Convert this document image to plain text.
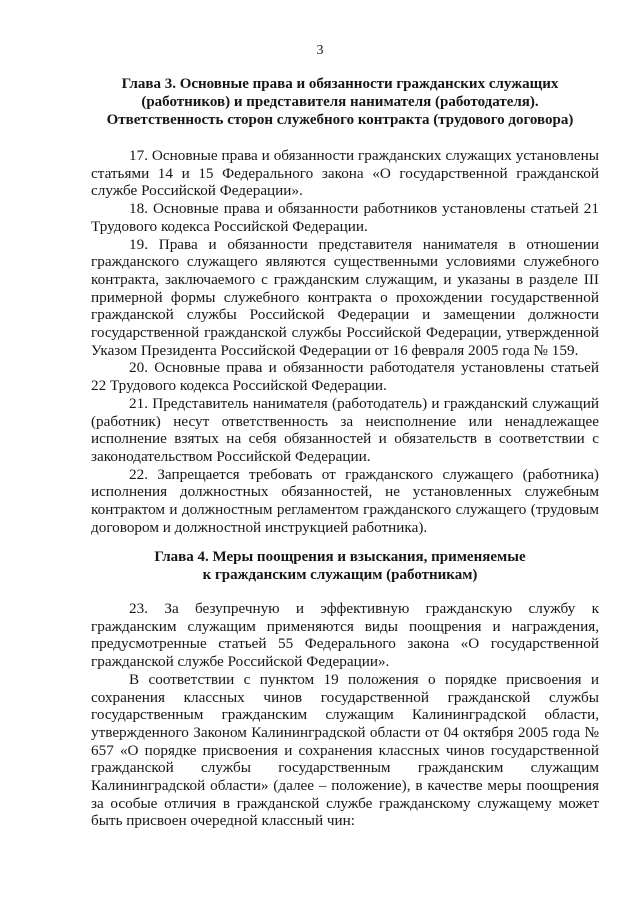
3
Глава 3. Основные права и обязанности гражданских служащих
(работников) и представителя нанимателя (работодателя).
Ответственность сторон служебного контракта (трудового договора)

17. Основные права и обязанности гражданских служащих установлены статьями 14 и 15 Федерального закона «О государственной гражданской службе Российской Федерации».

18. Основные права и обязанности работников установлены статьей 21 Трудового кодекса Российской Федерации.

19. Права и обязанности представителя нанимателя в отношении гражданского служащего являются существенными условиями служебного контракта, заключаемого с гражданским служащим, и указаны в разделе III примерной формы служебного контракта о прохождении государственной гражданской службы Российской Федерации и замещении должности государственной гражданской службы Российской Федерации, утвержденной Указом Президента Российской Федерации от 16 февраля 2005 года № 159.

20. Основные права и обязанности работодателя установлены статьей 22 Трудового кодекса Российской Федерации.

21. Представитель нанимателя (работодатель) и гражданский служащий (работник) несут ответственность за неисполнение или ненадлежащее исполнение взятых на себя обязанностей и обязательств в соответствии с законодательством Российской Федерации.

22. Запрещается требовать от гражданского служащего (работника) исполнения должностных обязанностей, не установленных служебным контрактом и должностным регламентом гражданского служащего (трудовым договором и должностной инструкцией работника).

Глава 4. Меры поощрения и взыскания, применяемые
к гражданским служащим (работникам)

23. За безупречную и эффективную гражданскую службу к гражданским служащим применяются виды поощрения и награждения, предусмотренные статьей 55 Федерального закона «О государственной гражданской службе Российской Федерации».

В соответствии с пунктом 19 положения о порядке присвоения и сохранения классных чинов государственной гражданской службы государственным гражданским служащим Калининградской области, утвержденного Законом Калининградской области от 04 октября 2005 года № 657 «О порядке присвоения и сохранения классных чинов государственной гражданской службы государственным гражданским служащим Калининградской области» (далее – положение), в качестве меры поощрения за особые отличия в гражданской службе гражданскому служащему может быть присвоен очередной классный чин:
